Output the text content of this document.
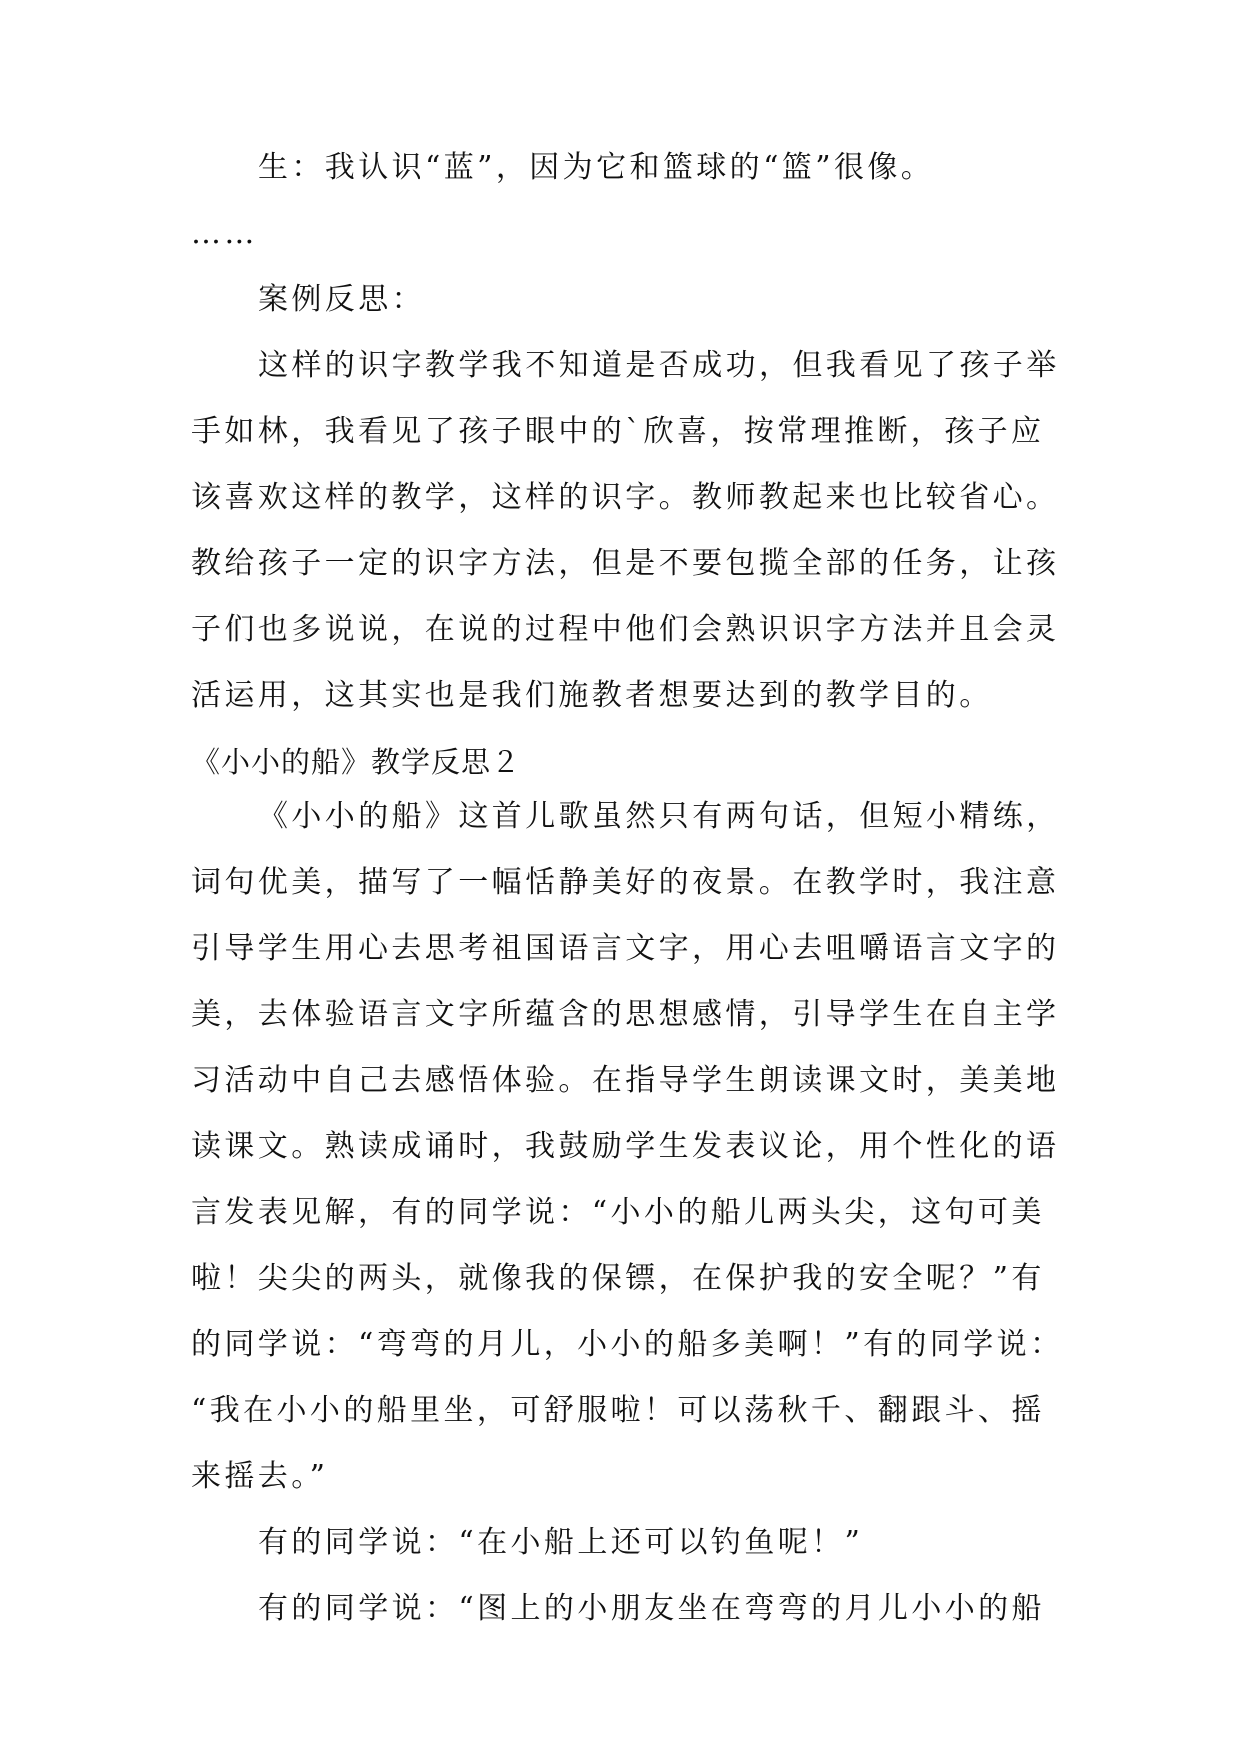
生：我认识“蓝”，因为它和篮球的“篮”很像。
……
案例反思：
这样的识字教学我不知道是否成功，但我看见了孩子举
手如林，我看见了孩子眼中的`欣喜，按常理推断，孩子应
该喜欢这样的教学，这样的识字。教师教起来也比较省心。
教给孩子一定的识字方法，但是不要包揽全部的任务，让孩
子们也多说说，在说的过程中他们会熟识识字方法并且会灵
活运用，这其实也是我们施教者想要达到的教学目的。
《小小的船》教学反思２
《小小的船》这首儿歌虽然只有两句话，但短小精练，
词句优美，描写了一幅恬静美好的夜景。在教学时，我注意
引导学生用心去思考祖国语言文字，用心去咀嚼语言文字的
美，去体验语言文字所蕴含的思想感情，引导学生在自主学
习活动中自己去感悟体验。在指导学生朗读课文时，美美地
读课文。熟读成诵时，我鼓励学生发表议论，用个性化的语
言发表见解，有的同学说：“小小的船儿两头尖，这句可美
啦！尖尖的两头，就像我的保镖，在保护我的安全呢？”有
的同学说：“弯弯的月儿，小小的船多美啊！”有的同学说：
“我在小小的船里坐，可舒服啦！可以荡秋千、翻跟斗、摇
来摇去。”
有的同学说：“在小船上还可以钓鱼呢！”
有的同学说：“图上的小朋友坐在弯弯的月儿小小的船
